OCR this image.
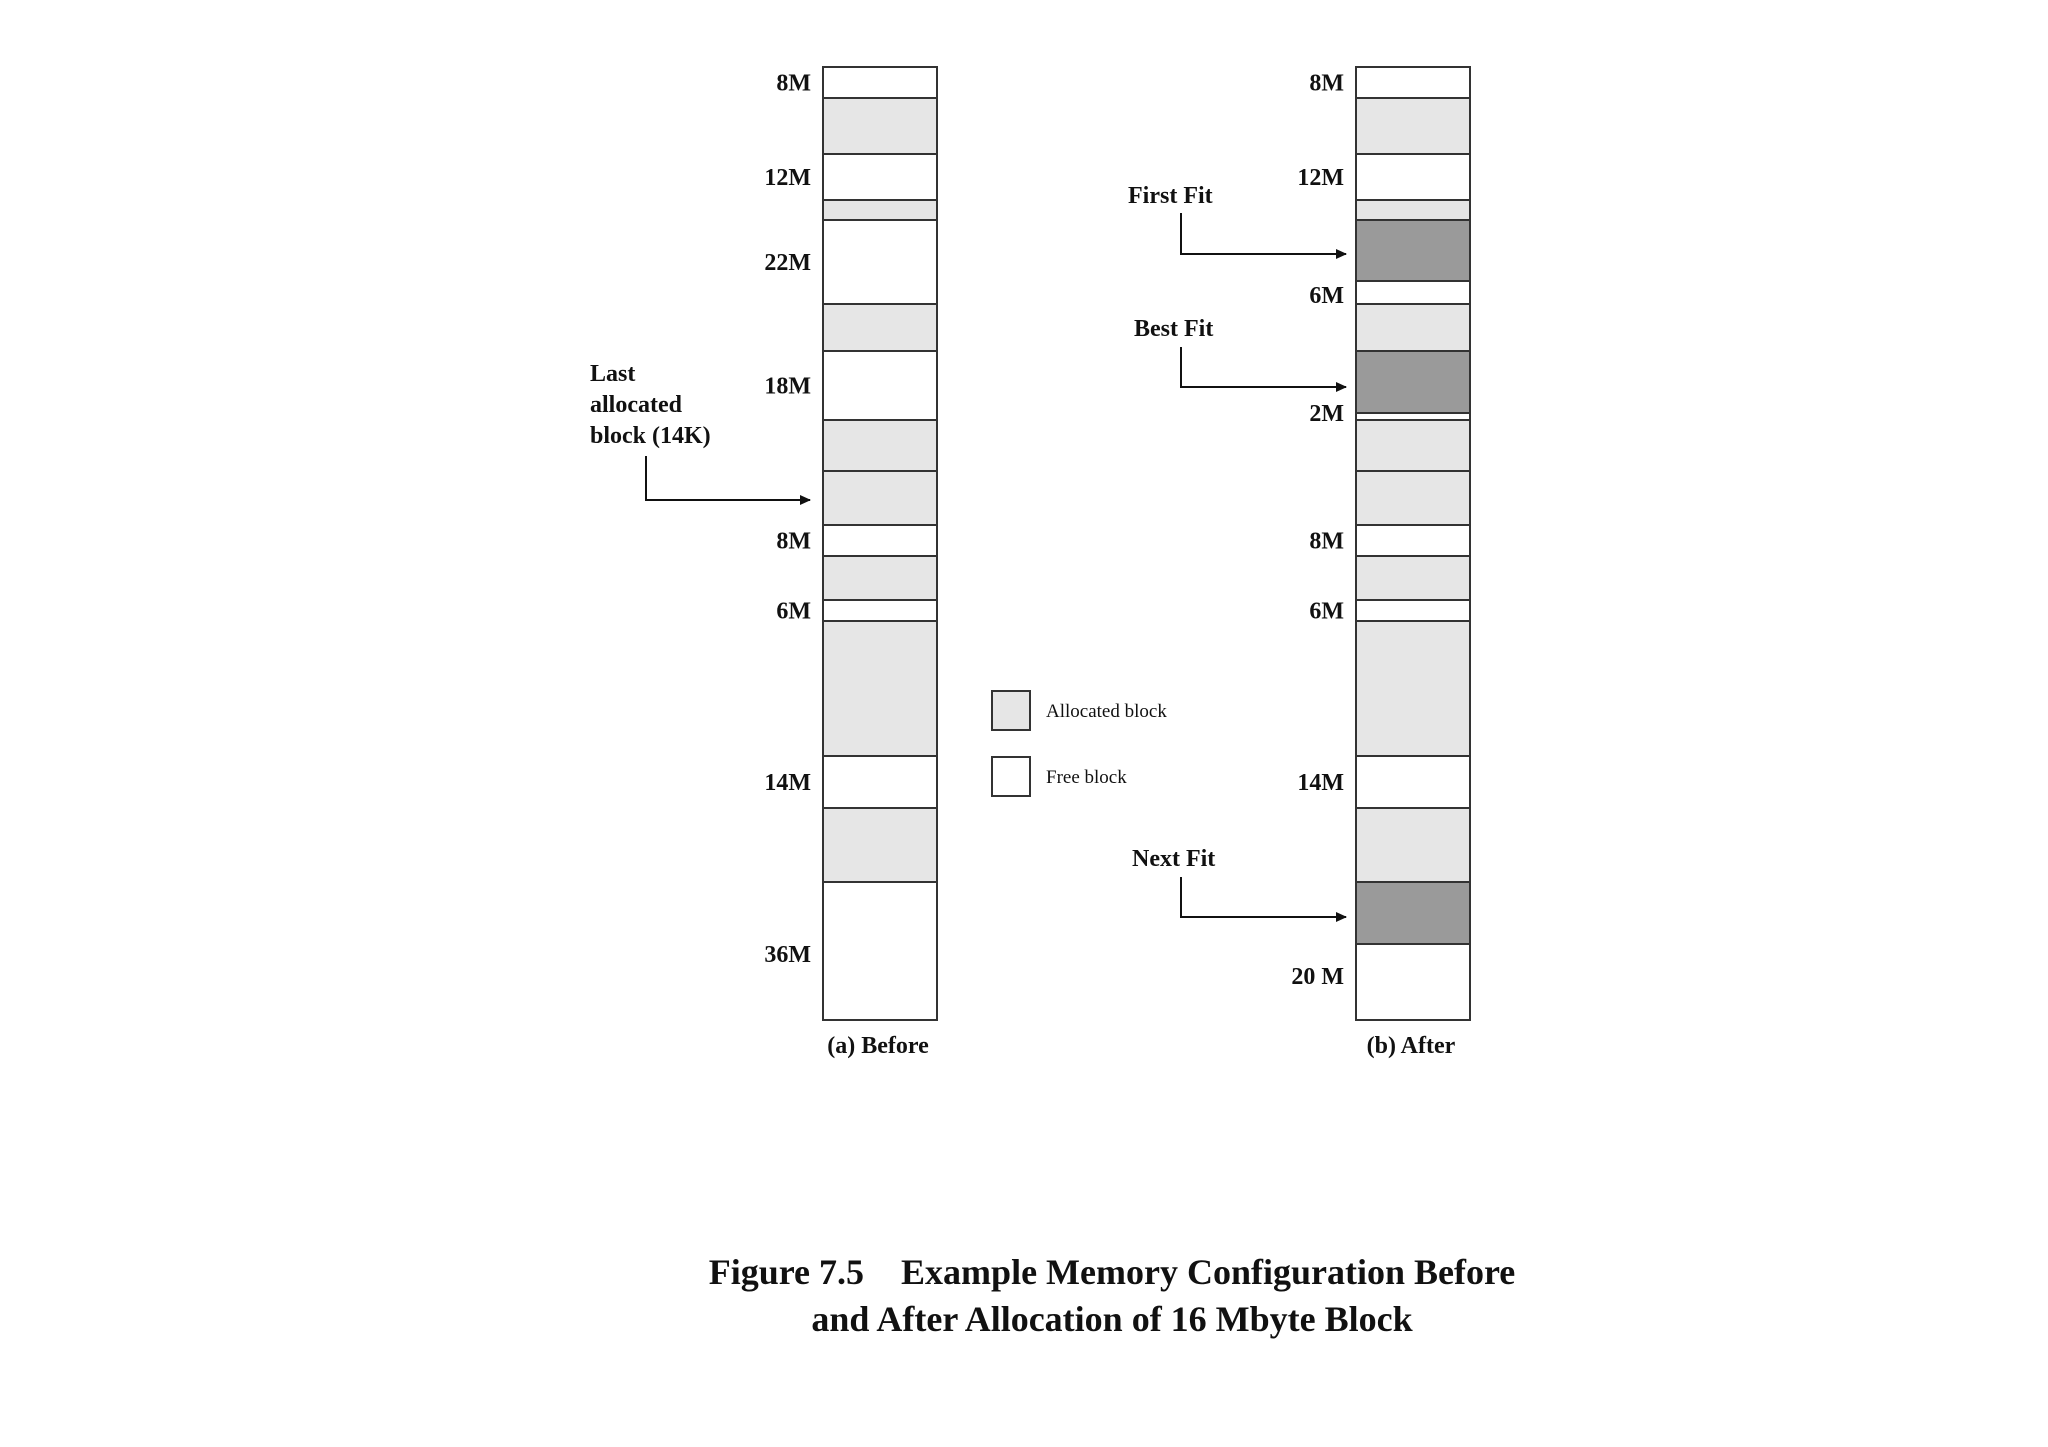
8M
12M
22M
18M
8M
6M
14M
36M
(a) Before
8M
12M
6M
2M
8M
6M
14M
20 M
(b) After
Last
allocated
block (14K)
First Fit
Best Fit
Next Fit
Allocated block
Free block
Figure 7.5 Example Memory Configuration Before
and After Allocation of 16 Mbyte Block
